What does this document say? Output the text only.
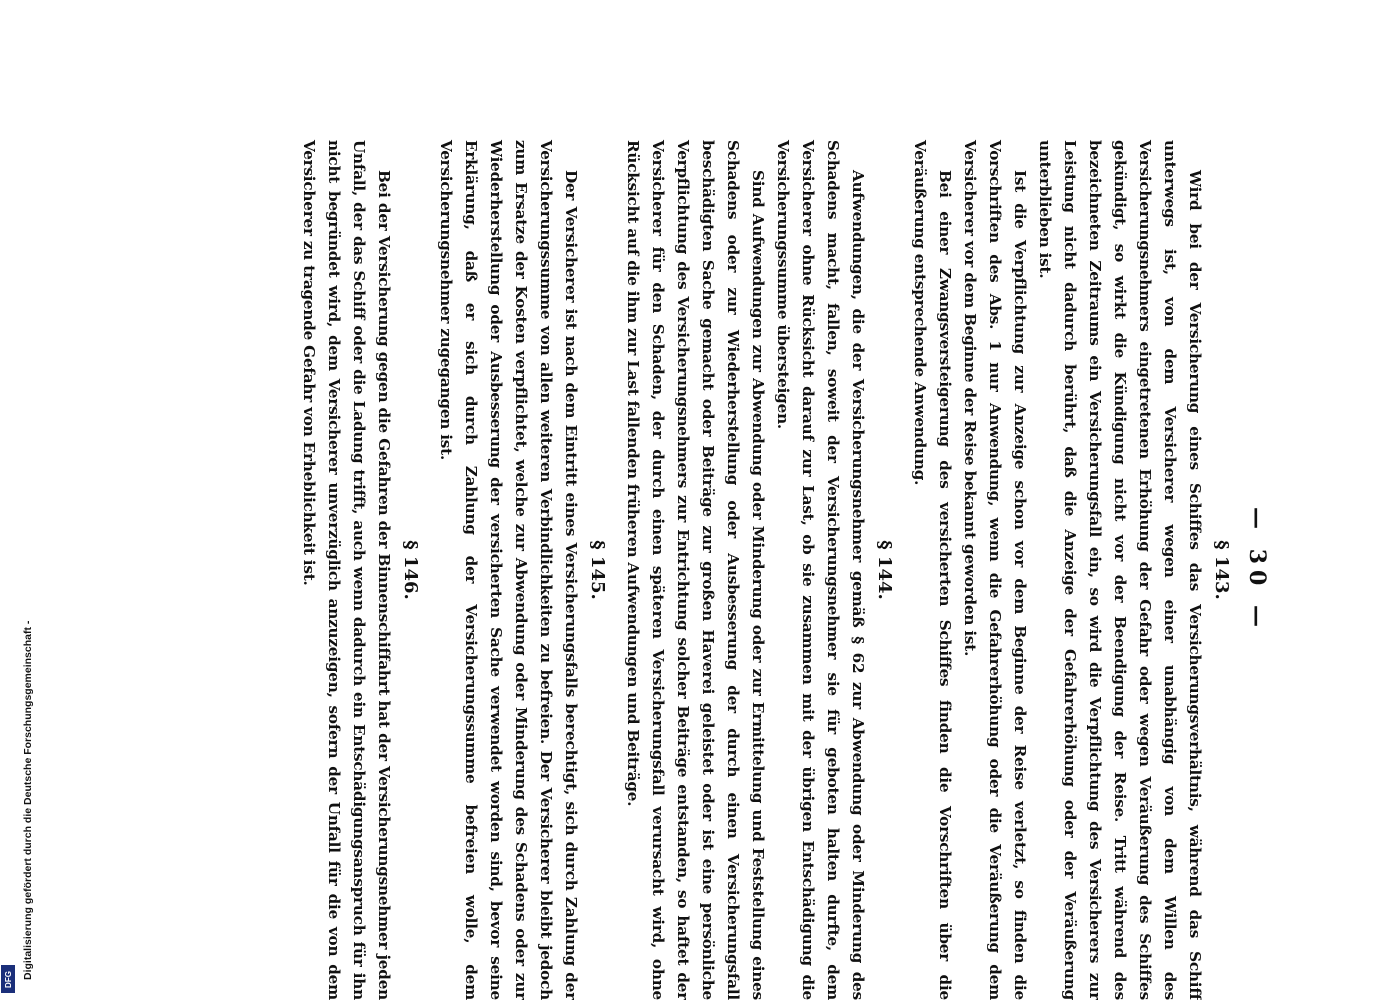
— 30 —
§ 143.

Wird bei der Versicherung eines Schiffes das Versicherungsverhältnis, während das Schiff unterwegs ist, von dem Versicherer wegen einer unabhängig von dem Willen des Versicherungsnehmers eingetretenen Erhöhung der Gefahr oder wegen Veräußerung des Schiffes gekündigt, so wirkt die Kündigung nicht vor der Beendigung der Reise. Tritt während des bezeichneten Zeitraums ein Versicherungsfall ein, so wird die Verpflichtung des Versicherers zur Leistung nicht dadurch berührt, daß die Anzeige der Gefahrerhöhung oder der Veräußerung unterblieben ist.

Ist die Verpflichtung zur Anzeige schon vor dem Beginne der Reise verletzt, so finden die Vorschriften des Abs. 1 nur Anwendung, wenn die Gefahrerhöhung oder die Veräußerung dem Versicherer vor dem Beginne der Reise bekannt geworden ist.

Bei einer Zwangsversteigerung des versicherten Schiffes finden die Vorschriften über die Veräußerung entsprechende Anwendung.

§ 144.

Aufwendungen, die der Versicherungsnehmer gemäß § 62 zur Abwendung oder Minderung des Schadens macht, fallen, soweit der Versicherungsnehmer sie für geboten halten durfte, dem Versicherer ohne Rücksicht darauf zur Last, ob sie zusammen mit der übrigen Entschädigung die Versicherungssumme übersteigen.

Sind Aufwendungen zur Abwendung oder Minderung oder zur Ermittelung und Feststellung eines Schadens oder zur Wiederherstellung oder Ausbesserung der durch einen Versicherungsfall beschädigten Sache gemacht oder Beiträge zur großen Haverei geleistet oder ist eine persönliche Verpflichtung des Versicherungsnehmers zur Entrichtung solcher Beiträge entstanden, so haftet der Versicherer für den Schaden, der durch einen späteren Versicherungsfall verursacht wird, ohne Rücksicht auf die ihm zur Last fallenden früheren Aufwendungen und Beiträge.

§ 145.

Der Versicherer ist nach dem Eintritt eines Versicherungsfalls berechtigt, sich durch Zahlung der Versicherungssumme von allen weiteren Verbindlichkeiten zu befreien. Der Versicherer bleibt jedoch zum Ersatze der Kosten verpflichtet, welche zur Abwendung oder Minderung des Schadens oder zur Wiederherstellung oder Ausbesserung der versicherten Sache verwendet worden sind, bevor seine Erklärung, daß er sich durch Zahlung der Versicherungssumme befreien wolle, dem Versicherungsnehmer zugegangen ist.

§ 146.

Bei der Versicherung gegen die Gefahren der Binnenschiffahrt hat der Versicherungsnehmer jeden Unfall, der das Schiff oder die Ladung trifft, auch wenn dadurch ein Entschädigungsanspruch für ihn nicht begründet wird, dem Versicherer unverzüglich anzuzeigen, sofern der Unfall für die von dem Versicherer zu tragende Gefahr von Erheblichkeit ist.

Digitalisierung gefördert durch die Deutsche Forschungsgemeinschaft -
DFG
